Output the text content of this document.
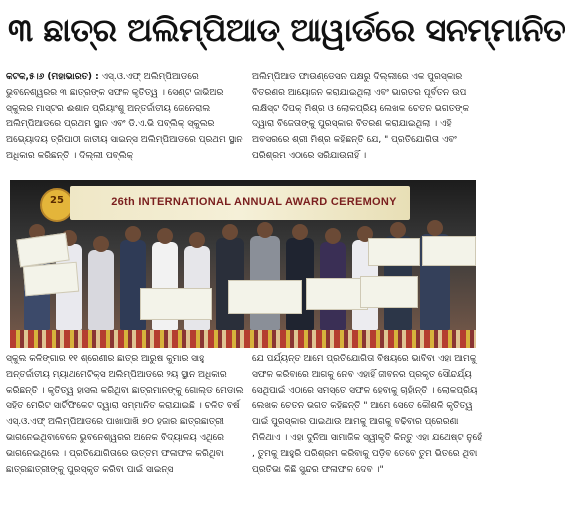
୩ ଛାତ୍ର ଅଲିମ୍ପିଆଡ୍ ଆୱାର୍ଡରେ ସନମ୍ମାନିତ

କଟକ,୫।୬ (ମହାଭାରତ) : ଏସ୍.ଓ.ଏଫ୍ ଅଲିମ୍ପିଆଡରେ ଭୁବନେଶ୍ୱରର ୩ ଛାତ୍ରଙ୍କ ସଫଳ କୃତିତ୍ୱ । ସେଣ୍ଟ ଜାଭିଅର ସ୍କୁଲର ମାସ୍ଟର ଈଶାନ ପ୍ରିୟାଂଶୁ ଅନ୍ତର୍ଜାତୀୟ ଜେନେରାଲ ଅଲିମ୍ପିଆଡରେ ପ୍ରଥମ ସ୍ଥାନ ଏବଂ ଡି.ଏ.ଭି ପବ୍ଲିକ୍ ସ୍କୁଲର ଅଭ୍ୟୋଦୟ ତ୍ରିପାଠୀ ଜାତୀୟ ସାଇନ୍ସ ଅଲିମ୍ପିଆଡରେ ପ୍ରଥମ ସ୍ଥାନ ଅଧିକାର କରିଛନ୍ତି । ଦିଲ୍ଲୀ ପବ୍ଲିକ୍

ଅଲିମ୍ପିଆଡ ଫାଉଣ୍ଡେସନ ପକ୍ଷରୁ ଦିଲ୍ଲୀରେ ଏକ ପୁରସ୍କାର ବିତରଣର ଆୟୋଜନ କରାଯାଇଥିଲା ଏବଂ ଭାରତର ପୂର୍ବତନ ଉପ ଲକ୍ଷିସ୍ଟ ଦିପକ୍ ମିଶ୍ର ଓ ଲୋକପ୍ରିୟ ଲେଖକ ଚେତନ ଭଗତଙ୍କ ଦ୍ୱାରା ବିଜେତାଙ୍କୁ ପୁରସ୍କାର ବିତରଣ କରାଯାଇଥିଲା । ଏହି ଅବସରରେ ଶ୍ରୀ ମିଶ୍ର କହିଛନ୍ତି ଯେ, " ପ୍ରତିଯୋଗିତା ଏବଂ ପରିଶ୍ରମ ଏଠାରେ ସରିଯାଉନାହିଁ ।

25	26th INTERNATIONAL ANNUAL AWARD CEREMONY

ସ୍କୁଲ କଳିଙ୍ଗାର ୧୧ ଶ୍ରେଣୀର ଛାତ୍ର ଆରୁଷ କୁମାର ସାହୁ ଅନ୍ତର୍ଜାତୀୟ ମ୍ୟାଥମେଟିକ୍ସ ଅଲିମ୍ପିଆଡରେ ୨ୟ ସ୍ଥାନ ଅଧିକାର କରିଛନ୍ତି । କୃତିତ୍ୱ ହାସଲ କରିଥିବା ଛାତ୍ରମାନଙ୍କୁ ଗୋଲ୍ଡ ମେଡାଲ ସହିତ ମେରିଟ ସାର୍ଟିଫିକେଟ ଦ୍ୱାରା ସମ୍ମାନିତ କରାଯାଇଛି । ଚଳିତ ବର୍ଷ ଏସ୍.ଓ.ଏଫ୍ ଅଲିମ୍ପିଆଡରେ ପାଖାପାଖି ୭୦ ହଜାର ଛାତ୍ରଛାତ୍ରୀ ଭାଗନେଇଥିବାବେଳେ ଭୁବନେଶ୍ୱରର ଅନେକ ବିଦ୍ୟାଳୟ ଏଥିରେ ଭାଗନେଇଥିଲେ । ପ୍ରତିଯୋଗିତାରେ ଉତ୍ତମ ଫଳାଫଳ କରିଥିବା ଛାତ୍ରଛାତ୍ରୀଙ୍କୁ ପୁରସ୍କୃତ କରିବା ପାଇଁ ସାଇନ୍ସ

ଯେ ପର୍ଯ୍ୟନ୍ତ ଆମେ ପ୍ରତିଯୋଗିତା ବିଷୟରେ ଭାବିବା ଏହା ଆମକୁ ସଫଳ କରିବାରେ ଆଗକୁ ନେବ ଏହାହିଁ ଜୀବନର ପ୍ରକୃତ ସୌନ୍ଦର୍ଯ୍ୟ ସେଥିପାଇଁ ଏଠାରେ ସମସ୍ତେ ସଫଳ ହେବାକୁ ଚାହାଁନ୍ତି । ଲୋକପ୍ରିୟ ଲେଖକ ଚେତନ ଭଗତ କହିଛନ୍ତି " ଆମେ ସେତେ କୌଶଳି କୃତିତ୍ୱ ପାଇଁ ପୁରସ୍କାର ପାଇଥାଉ ଆମକୁ ଆଗକୁ ବଢିବାର ପ୍ରେରଣା ମିଳିଥାଏ । ଏହା ଦୁନିଆ ସାମାଜିକ ସ୍ୱୀକୃତି କିନ୍ତୁ ଏହା ଯଥେଷ୍ଟ ନୁହେଁ , ତୁମକୁ ଆହୁରି ପରିଶ୍ରମ କରିବାକୁ ପଡ଼ିବ ତେବେ ତୁମ ଭିତରେ ଥିବା ପ୍ରତିଭା କିଛି ସୁନ୍ଦର ଫଳାଫଳ ଦେବ ।"
